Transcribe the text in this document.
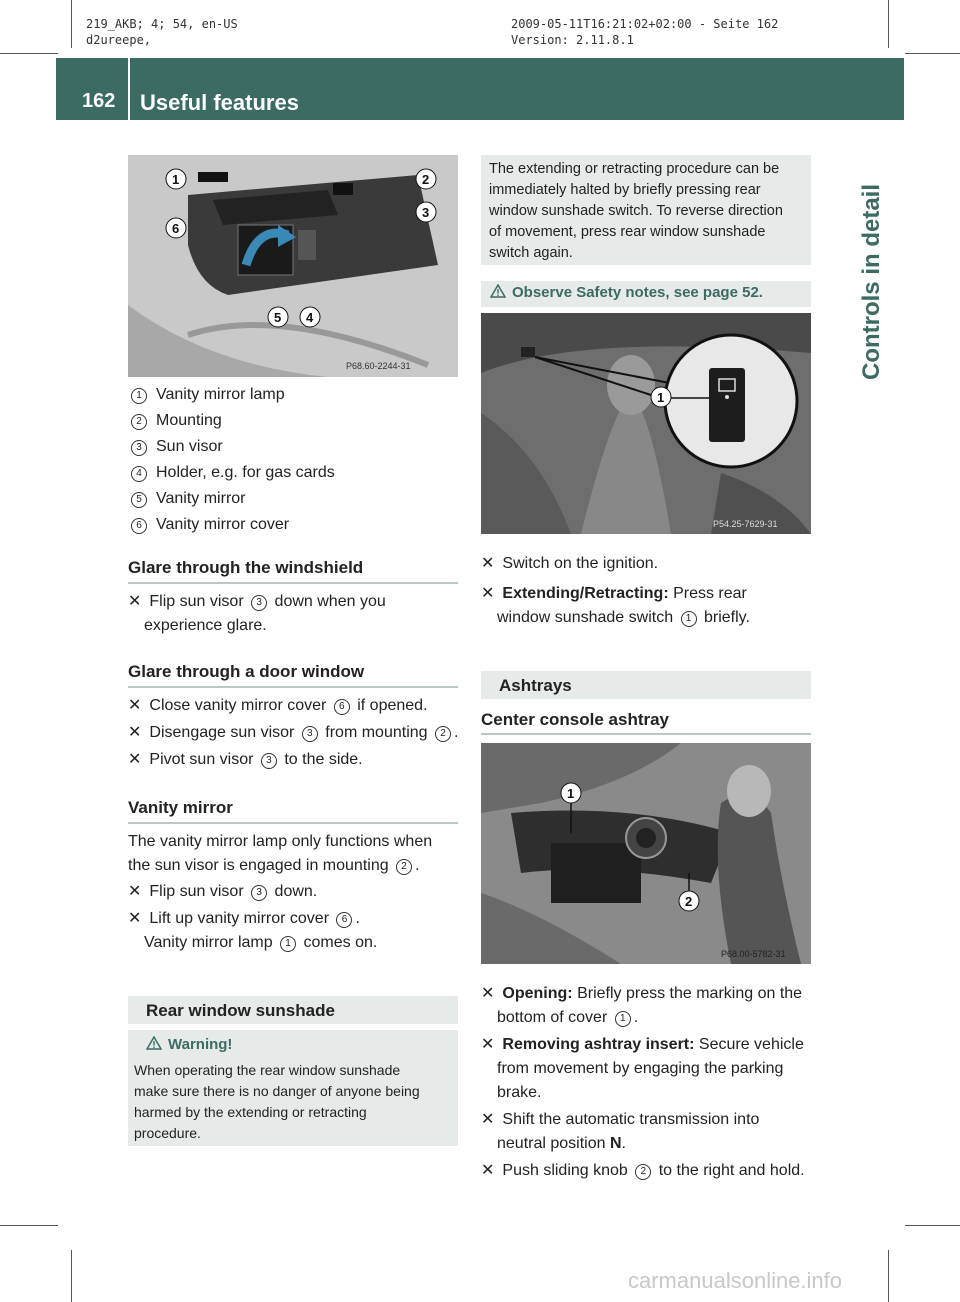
219_AKB; 4; 54, en-US
d2ureepe,
2009-05-11T16:21:02+02:00 - Seite 162
Version: 2.11.8.1
162 Useful features
Controls in detail
1	2
3
4
5
6
P68.60-2244-31
1 Vanity mirror lamp
2 Mounting
3 Sun visor
4 Holder, e.g. for gas cards
5 Vanity mirror
6 Vanity mirror cover
Glare through the windshield
✕ Flip sun visor 3 down when you
experience glare.
Glare through a door window
✕ Close vanity mirror cover 6 if opened.
✕ Disengage sun visor 3 from mounting 2 .
✕ Pivot sun visor 3 to the side.
Vanity mirror
The vanity mirror lamp only functions when
the sun visor is engaged in mounting 2 .
✕ Flip sun visor 3 down.
✕ Lift up vanity mirror cover 6 .
Vanity mirror lamp 1 comes on.
Rear window sunshade
Warning!
When operating the rear window sunshade
make sure there is no danger of anyone being
harmed by the extending or retracting
procedure.
The extending or retracting procedure can be
immediately halted by briefly pressing rear
window sunshade switch. To reverse direction
of movement, press rear window sunshade
switch again.
Observe Safety notes, see page 52.
1
P54.25-7629-31
✕ Switch on the ignition.
✕ Extending/Retracting: Press rear
window sunshade switch 1 briefly.
Ashtrays
Center console ashtray
1
2
P68.00-5782-31
✕ Opening: Briefly press the marking on the
bottom of cover 1 .
✕ Removing ashtray insert: Secure vehicle
from movement by engaging the parking
brake.
✕ Shift the automatic transmission into
neutral position N.
✕ Push sliding knob 2 to the right and hold.
carmanualsonline.info
